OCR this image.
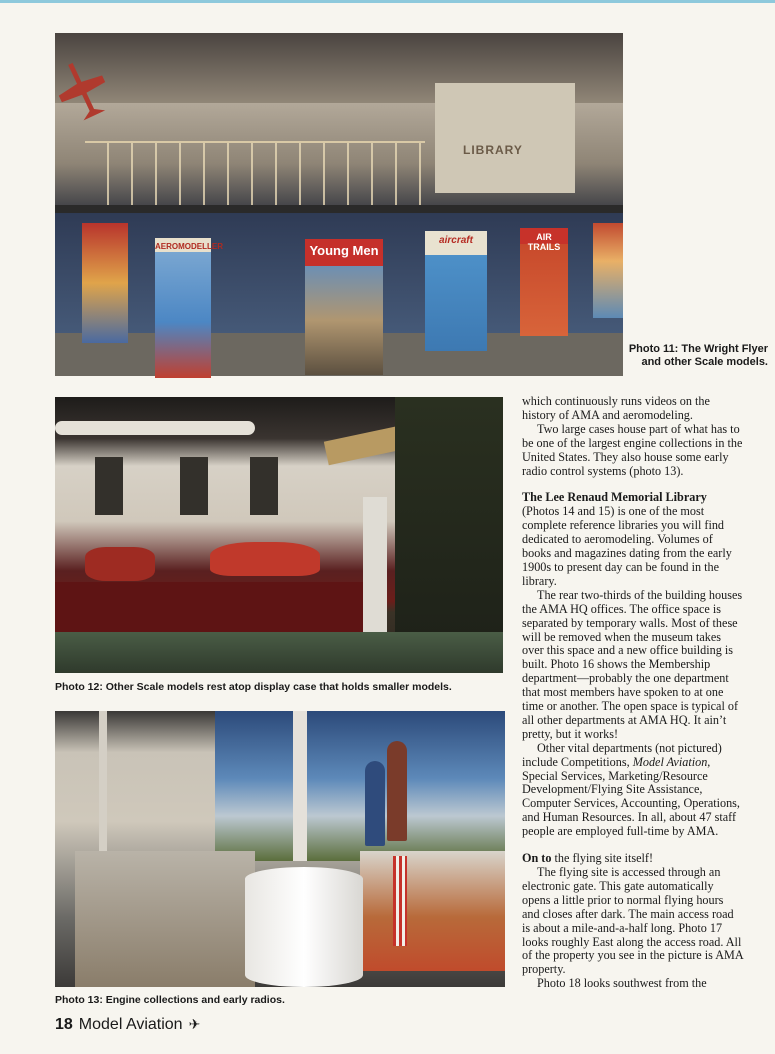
LIBRARY
AEROMODELLER	Young Men
aircraft	AIR TRAILS
Photo 11: The Wright Flyer and other Scale models.
Photo 12: Other Scale models rest atop display case that holds smaller models.
Photo 13: Engine collections and early radios.

which continuously runs videos on the history of AMA and aeromodeling.

Two large cases house part of what has to be one of the largest engine collections in the United States. They also house some early radio control systems (photo 13).

The Lee Renaud Memorial Library (Photos 14 and 15) is one of the most complete reference libraries you will find dedicated to aeromodeling. Volumes of books and magazines dating from the early 1900s to present day can be found in the library.

The rear two-thirds of the building houses the AMA HQ offices. The office space is separated by temporary walls. Most of these will be removed when the museum takes over this space and a new office building is built. Photo 16 shows the Membership department—probably the one department that most members have spoken to at one time or another. The open space is typical of all other departments at AMA HQ. It ain’t pretty, but it works!

Other vital departments (not pictured) include Competitions, Model Aviation, Special Services, Marketing/Resource Development/Flying Site Assistance, Computer Services, Accounting, Operations, and Human Resources. In all, about 47 staff people are employed full-time by AMA.

On to the flying site itself!

The flying site is accessed through an electronic gate. This gate automatically opens a little prior to normal flying hours and closes after dark. The main access road is about a mile-and-a-half long. Photo 17 looks roughly East along the access road. All of the property you see in the picture is AMA property.

Photo 18 looks southwest from the

18 Model Aviation ✈
